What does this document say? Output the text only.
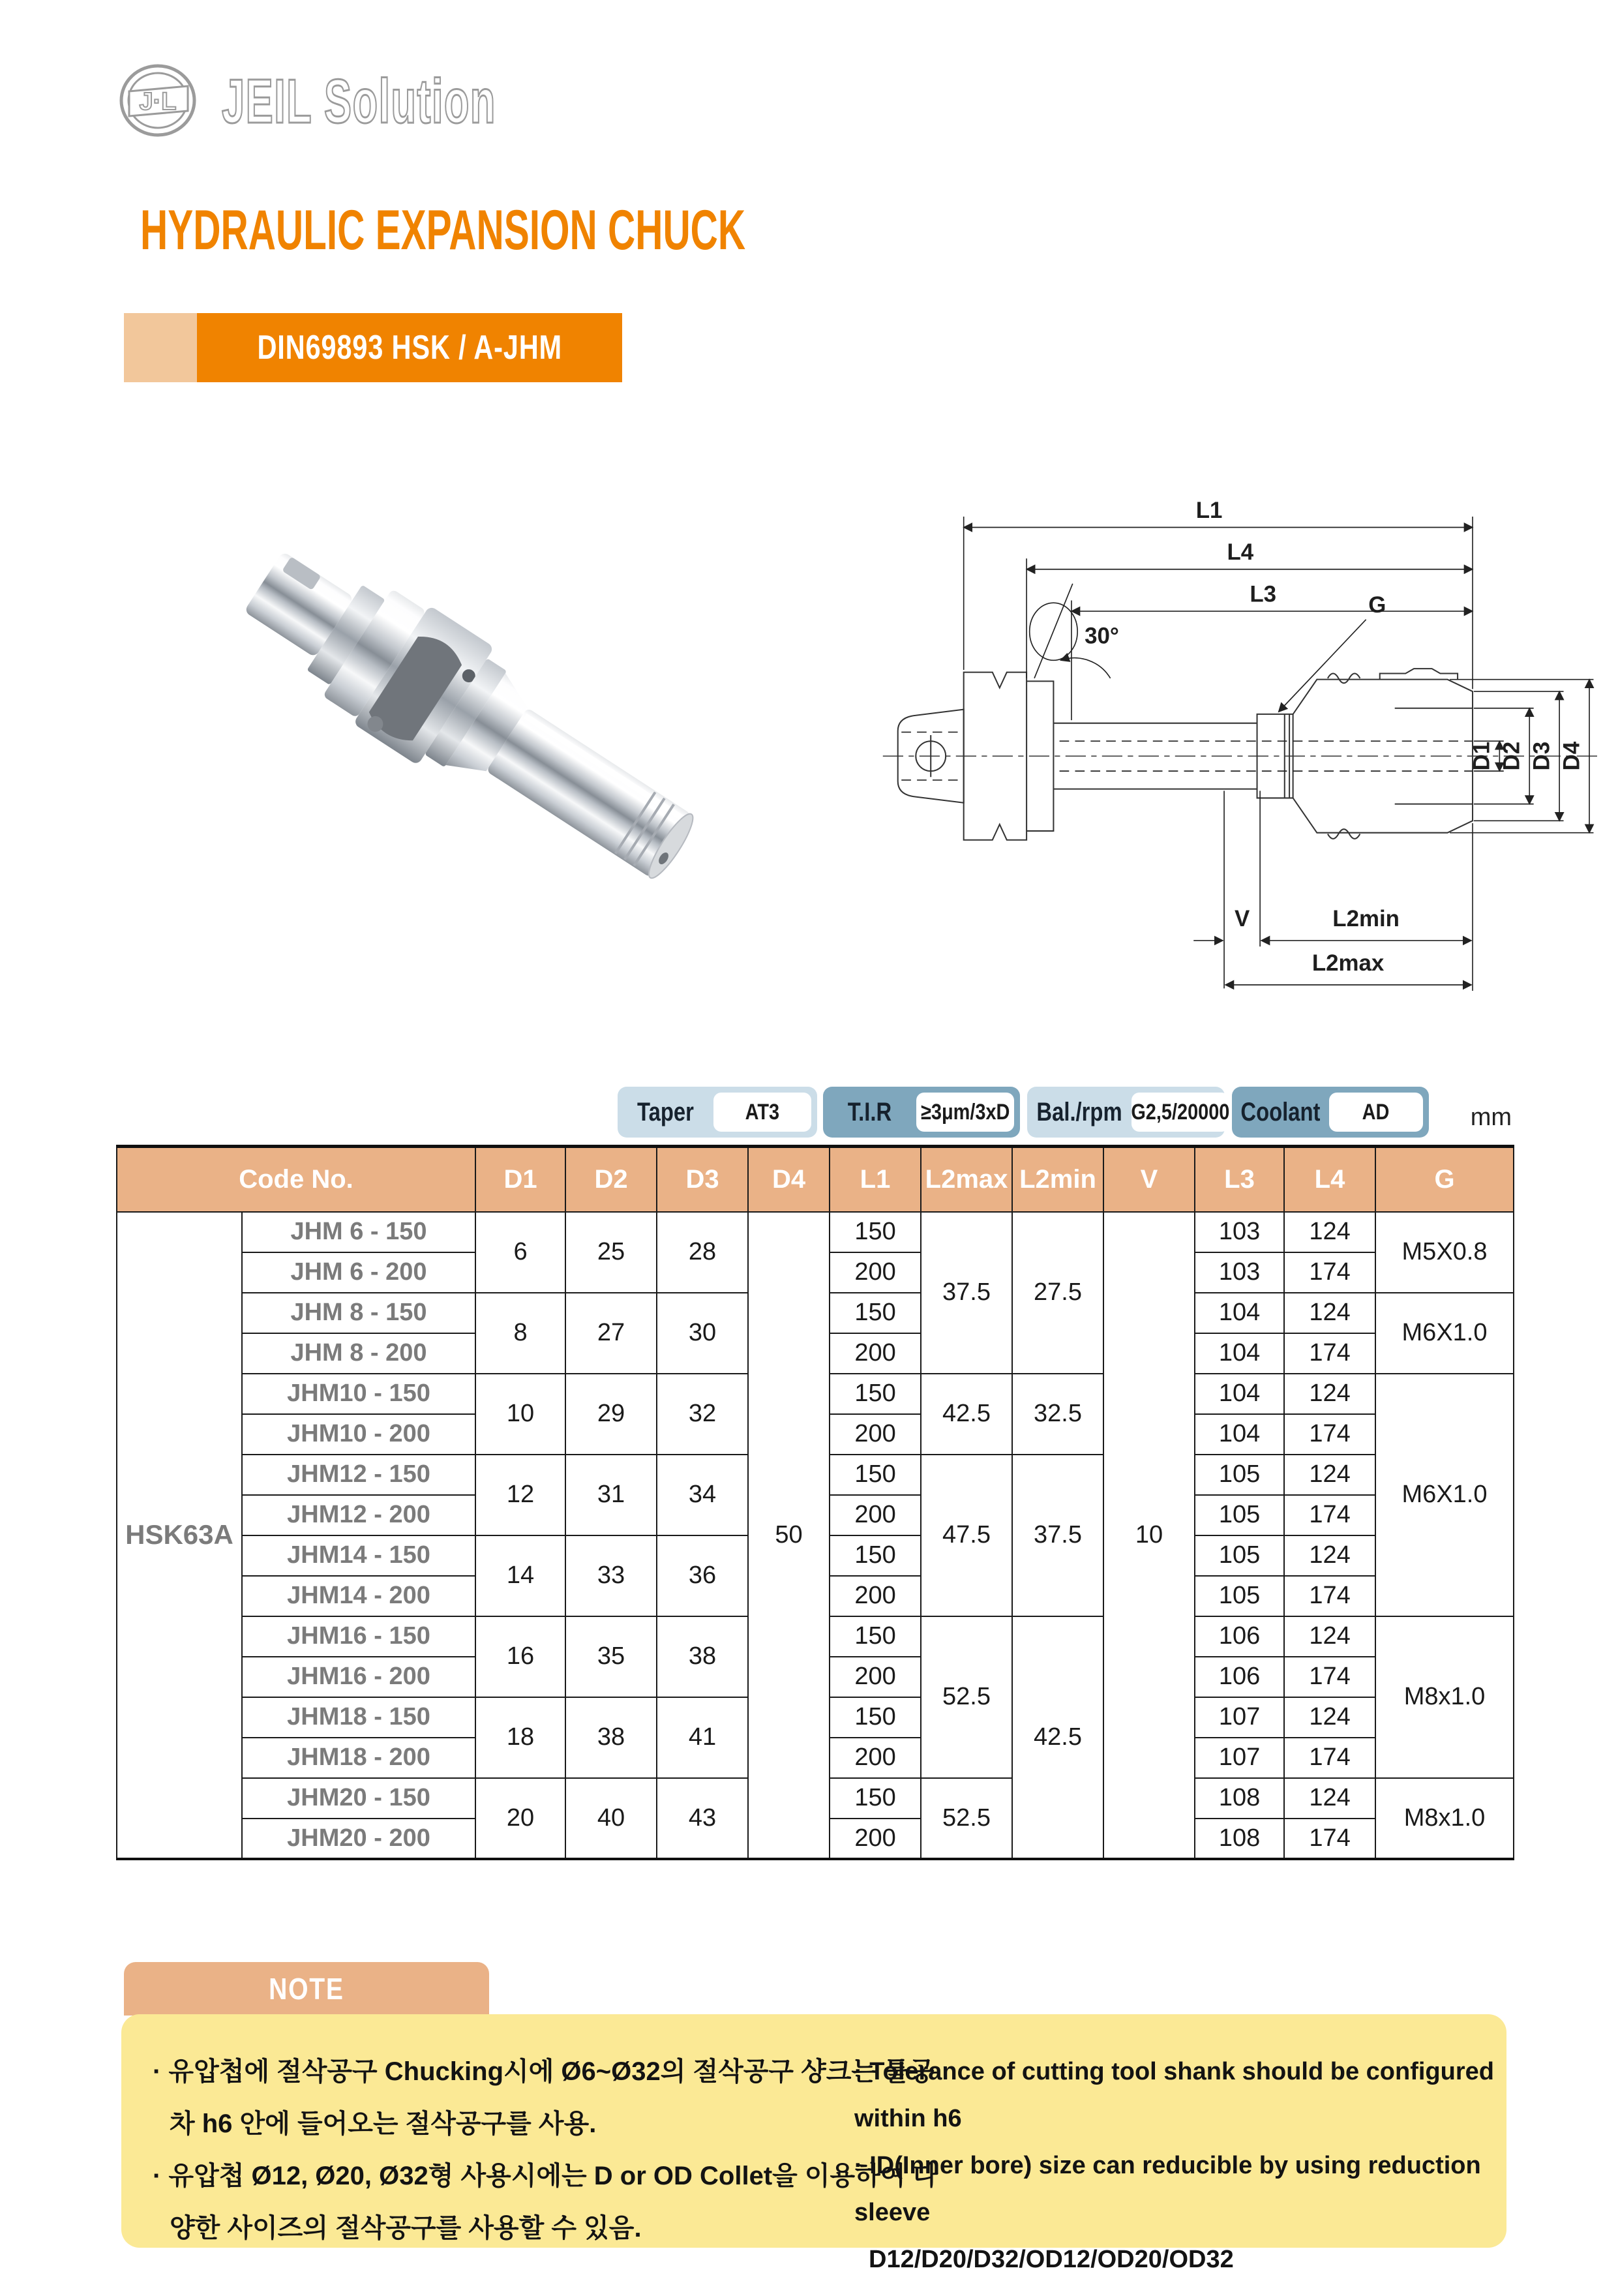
J·L JEIL Solution
HYDRAULIC EXPANSION CHUCK
DIN69893 HSK / A-JHM
L1
L4
L3
30°
G
D1 D2 D3 D4
V	L2min
L2max
Taper	AT3	T.I.R	≥3μm/3xD Bal./rpm G2,5/20000 Coolant AD	mm
Code No.		D1	D2	D3	D4	L1	L2max	L2min	V	L3	L4	G
HSK63A	JHM 6 - 150	6	25	28	50	150	37.5	27.5	10	103	124	M5X0.8
	JHM 6 - 200					200				103	174	
	JHM 8 - 150	8	27	30		150				104	124	M6X1.0
	JHM 8 - 200					200				104	174	
	JHM10 - 150	10	29	32		150	42.5	32.5		104	124	M6X1.0
	JHM10 - 200					200				104	174	
	JHM12 - 150	12	31	34		150	47.5	37.5		105	124	
	JHM12 - 200					200				105	174	
	JHM14 - 150	14	33	36		150				105	124	
	JHM14 - 200					200				105	174	
	JHM16 - 150	16	35	38		150	52.5	42.5		106	124	M8x1.0
	JHM16 - 200					200				106	174	
	JHM18 - 150	18	38	41		150				107	124	
	JHM18 - 200					200				107	174	
	JHM20 - 150	20	40	43		150	52.5			108	124	M8x1.0
	JHM20 - 200					200				108	174	
NOTE
· 유압첩에 절삭공구 Chucking시에 Ø6~Ø32의 절삭공구 샹크는 툴공
차 h6 안에 들어오는 절삭공구를 사용.
· 유압첩 Ø12, Ø20, Ø32형 사용시에는 D or OD Collet을 이용하여 다
양한 사이즈의 절삭공구를 사용할 수 있음.
· Tolerance of cutting tool shank should be configured within h6
· ID(Inner bore) size can reducible by using reduction sleeve
D12/D20/D32/OD12/OD20/OD32
